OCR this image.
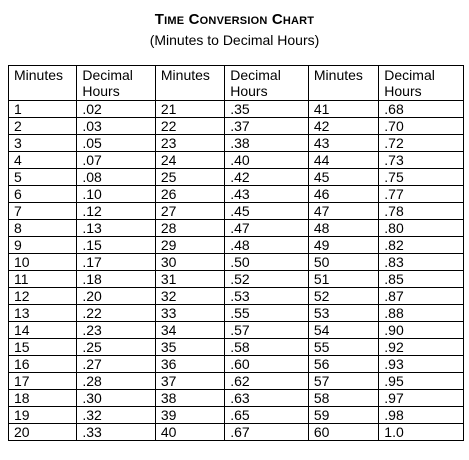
Time Conversion Chart
(Minutes to Decimal Hours)
Minutes	Decimal Hours	Minutes	Decimal Hours	Minutes	Decimal Hours
1	.02	21	.35	41	.68
2	.03	22	.37	42	.70
3	.05	23	.38	43	.72
4	.07	24	.40	44	.73
5	.08	25	.42	45	.75
6	.10	26	.43	46	.77
7	.12	27	.45	47	.78
8	.13	28	.47	48	.80
9	.15	29	.48	49	.82
10	.17	30	.50	50	.83
11	.18	31	.52	51	.85
12	.20	32	.53	52	.87
13	.22	33	.55	53	.88
14	.23	34	.57	54	.90
15	.25	35	.58	55	.92
16	.27	36	.60	56	.93
17	.28	37	.62	57	.95
18	.30	38	.63	58	.97
19	.32	39	.65	59	.98
20	.33	40	.67	60	1.0
